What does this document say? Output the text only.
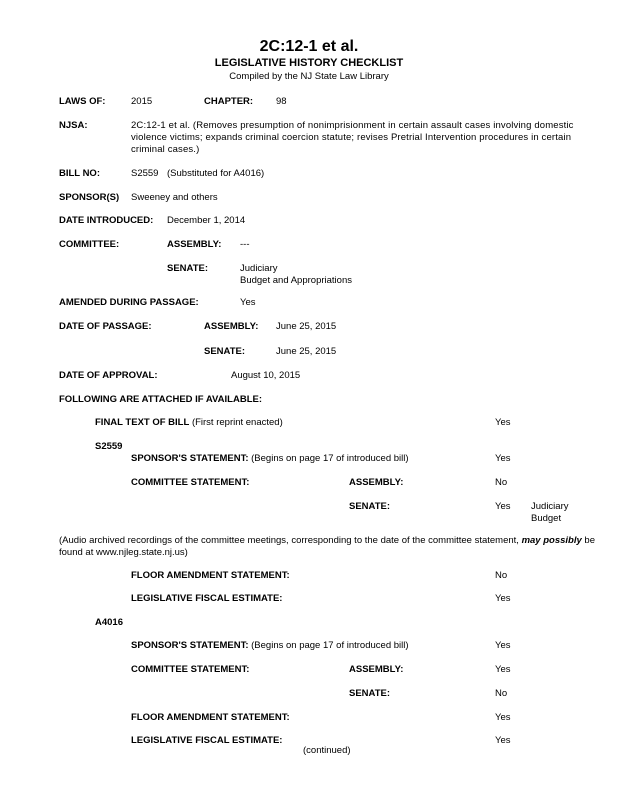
2C:12-1 et al.
LEGISLATIVE HISTORY CHECKLIST
Compiled by the NJ State Law Library
LAWS OF:	2015	CHAPTER: 98
NJSA:	2C:12-1 et al. (Removes presumption of nonimprisionment in certain assault cases involving domestic violence victims; expands criminal coercion statute; revises Pretrial Intervention procedures in certain criminal cases.)
BILL NO:	S2559 (Substituted for A4016)
SPONSOR(S) Sweeney and others
DATE INTRODUCED: December 1, 2014
COMMITTEE:	ASSEMBLY: ---
SENATE:	Judiciary
Budget and Appropriations
AMENDED DURING PASSAGE:	Yes
DATE OF PASSAGE:	ASSEMBLY: June 25, 2015
SENATE:	June 25, 2015
DATE OF APPROVAL:	August 10, 2015
FOLLOWING ARE ATTACHED IF AVAILABLE:
FINAL TEXT OF BILL (First reprint enacted)	Yes
S2559
SPONSOR'S STATEMENT: (Begins on page 17 of introduced bill)	Yes
COMMITTEE STATEMENT:	ASSEMBLY:	No
SENATE:	Yes Judiciary
Budget
(Audio archived recordings of the committee meetings, corresponding to the date of the committee statement, may possibly be found at www.njleg.state.nj.us)
FLOOR AMENDMENT STATEMENT:	No
LEGISLATIVE FISCAL ESTIMATE:	Yes
A4016
SPONSOR'S STATEMENT: (Begins on page 17 of introduced bill)	Yes
COMMITTEE STATEMENT:	ASSEMBLY:	Yes
SENATE:	No
FLOOR AMENDMENT STATEMENT:	Yes
LEGISLATIVE FISCAL ESTIMATE:	Yes
(continued)
